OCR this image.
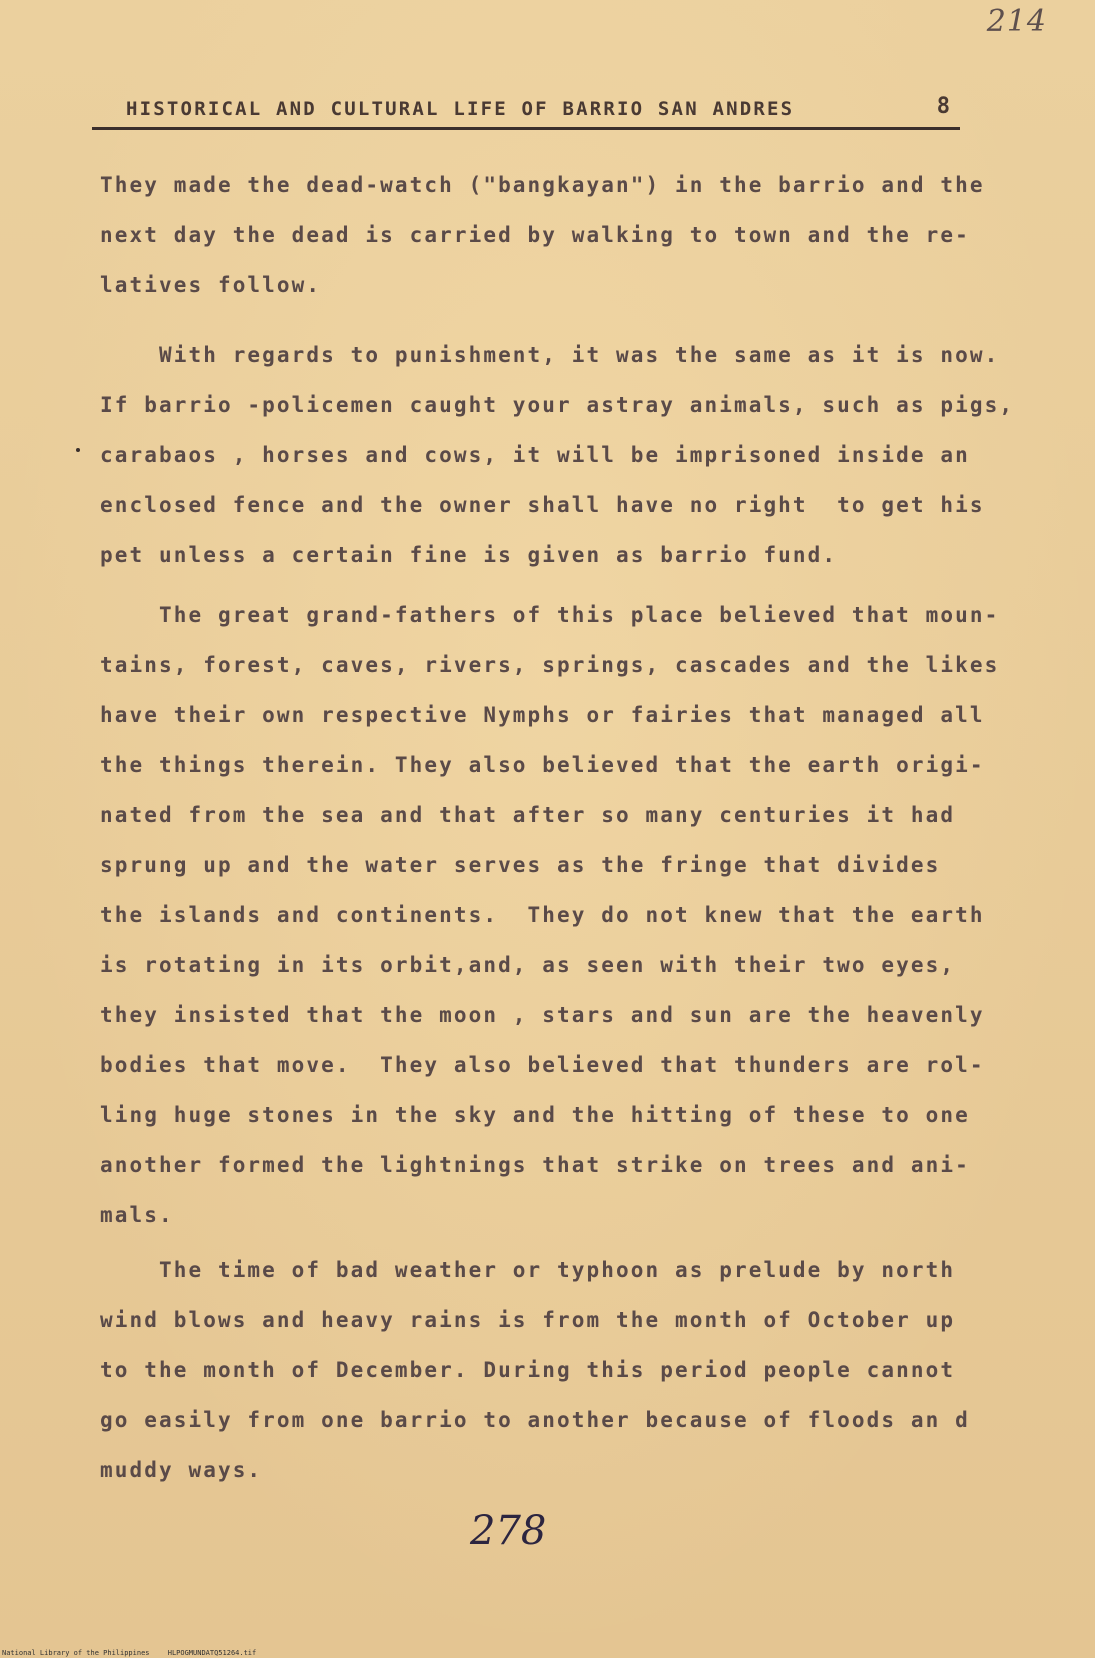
214
HISTORICAL AND CULTURAL LIFE OF BARRIO SAN ANDRES	8
They made the dead-watch ("bangkayan") in the barrio and the
next day the dead is carried by walking to town and the re-
latives follow.
With regards to punishment, it was the same as it is now.
If barrio -policemen caught your astray animals, such as pigs,
carabaos , horses and cows, it will be imprisoned inside an
enclosed fence and the owner shall have no right  to get his
pet unless a certain fine is given as barrio fund.
The great grand-fathers of this place believed that moun-
tains, forest, caves, rivers, springs, cascades and the likes
have their own respective Nymphs or fairies that managed all
the things therein. They also believed that the earth origi-
nated from the sea and that after so many centuries it had
sprung up and the water serves as the fringe that divides
the islands and continents.  They do not knew that the earth
is rotating in its orbit,and, as seen with their two eyes,
they insisted that the moon , stars and sun are the heavenly
bodies that move.  They also believed that thunders are rol-
ling huge stones in the sky and the hitting of these to one
another formed the lightnings that strike on trees and ani-
mals.
The time of bad weather or typhoon as prelude by north
wind blows and heavy rains is from the month of October up
to the month of December. During this period people cannot
go easily from one barrio to another because of floods an d
muddy ways.
278
National Library of the Philippines	HLPOGMUNDATQ51264.tif
